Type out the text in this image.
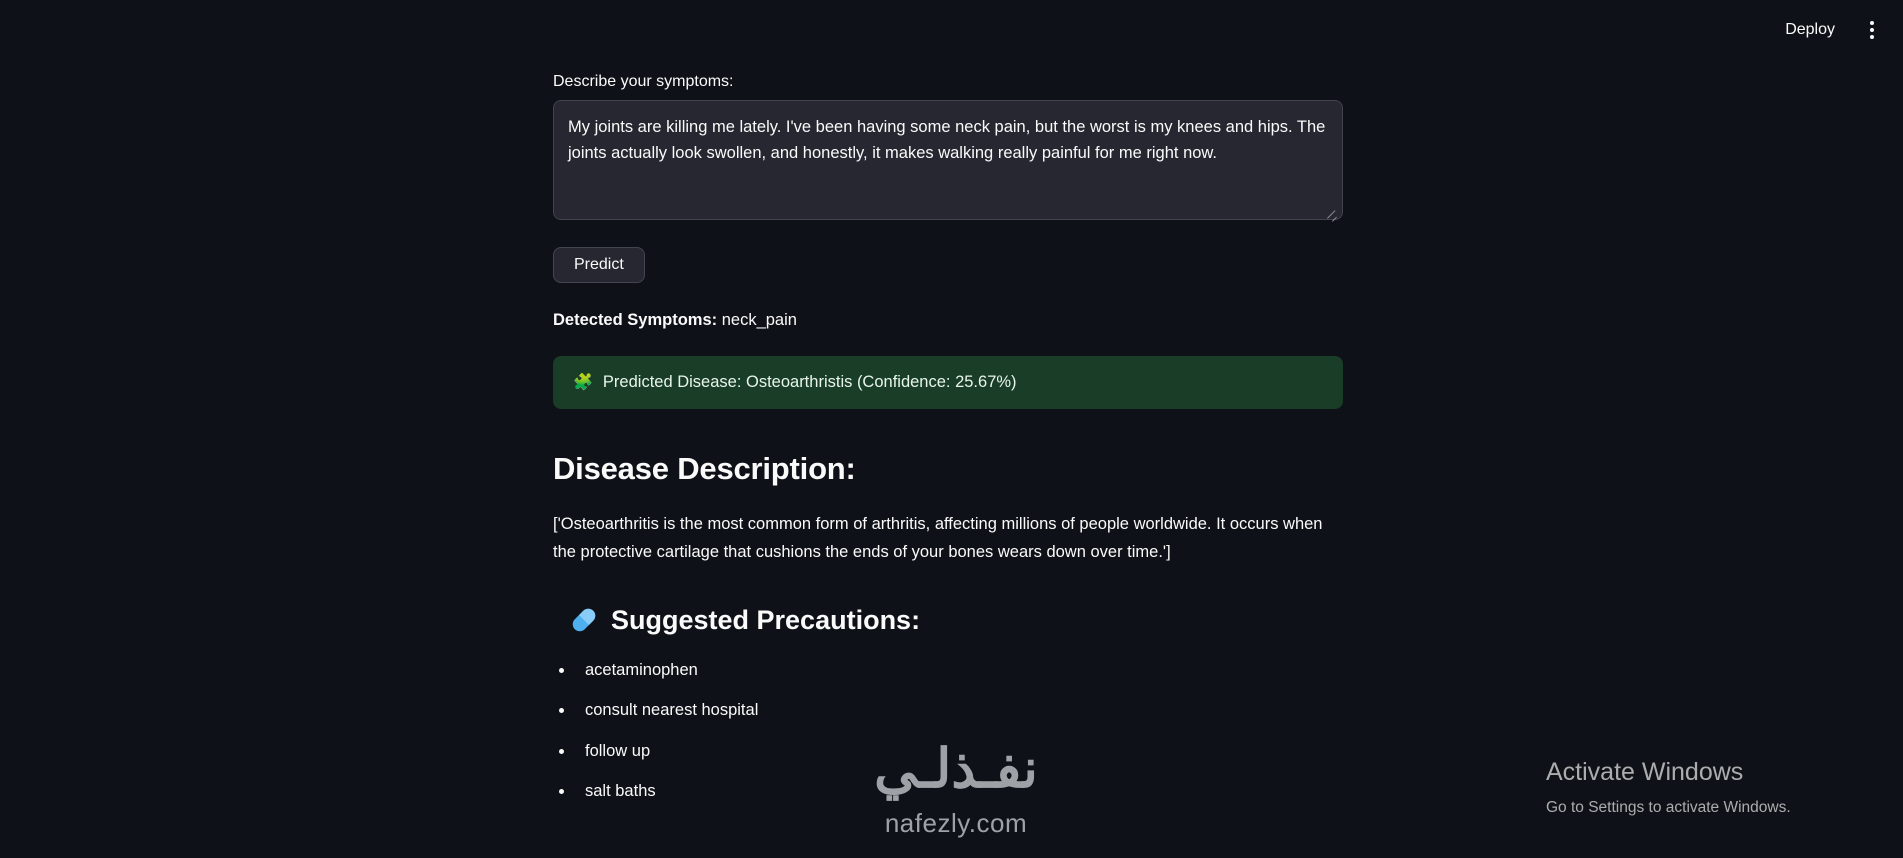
Deploy
Describe your symptoms:
My joints are killing me lately. I've been having some neck pain, but the worst is my knees and hips. The joints actually look swollen, and honestly, it makes walking really painful for me right now.
Predict
Detected Symptoms: neck_pain
🧩 Predicted Disease: Osteoarthristis (Confidence: 25.67%)
Disease Description:

['Osteoarthritis is the most common form of arthritis, affecting millions of people worldwide. It occurs when the protective cartilage that cushions the ends of your bones wears down over time.']

Suggested Precautions:
• acetaminophen
• consult nearest hospital
• follow up
• salt baths	نفـذلـي
nafezly.com
Activate Windows
Go to Settings to activate Windows.
